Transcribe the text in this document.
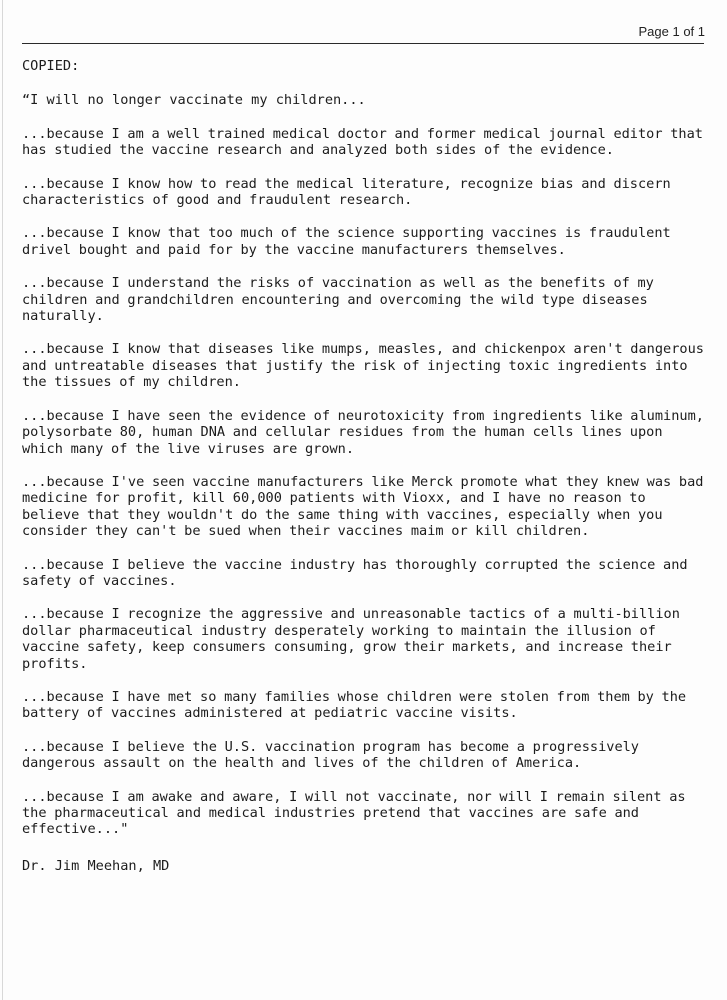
Page 1 of 1
COPIED:
“I will no longer vaccinate my children...
...because I am a well trained medical doctor and former medical journal editor that has studied the vaccine research and analyzed both sides of the evidence.
...because I know how to read the medical literature, recognize bias and discern characteristics of good and fraudulent research.
...because I know that too much of the science supporting vaccines is fraudulent drivel bought and paid for by the vaccine manufacturers themselves.
...because I understand the risks of vaccination as well as the benefits of my children and grandchildren encountering and overcoming the wild type diseases naturally.
...because I know that diseases like mumps, measles, and chickenpox aren't dangerous and untreatable diseases that justify the risk of injecting toxic ingredients into the tissues of my children.
...because I have seen the evidence of neurotoxicity from ingredients like aluminum, polysorbate 80, human DNA and cellular residues from the human cells lines upon which many of the live viruses are grown.
...because I've seen vaccine manufacturers like Merck promote what they knew was bad medicine for profit, kill 60,000 patients with Vioxx, and I have no reason to believe that they wouldn't do the same thing with vaccines, especially when you consider they can't be sued when their vaccines maim or kill children.
...because I believe the vaccine industry has thoroughly corrupted the science and safety of vaccines.
...because I recognize the aggressive and unreasonable tactics of a multi-billion dollar pharmaceutical industry desperately working to maintain the illusion of vaccine safety, keep consumers consuming, grow their markets, and increase their profits.
...because I have met so many families whose children were stolen from them by the battery of vaccines administered at pediatric vaccine visits.
...because I believe the U.S. vaccination program has become a progressively dangerous assault on the health and lives of the children of America.
...because I am awake and aware, I will not vaccinate, nor will I remain silent as the pharmaceutical and medical industries pretend that vaccines are safe and effective..."
Dr. Jim Meehan, MD
